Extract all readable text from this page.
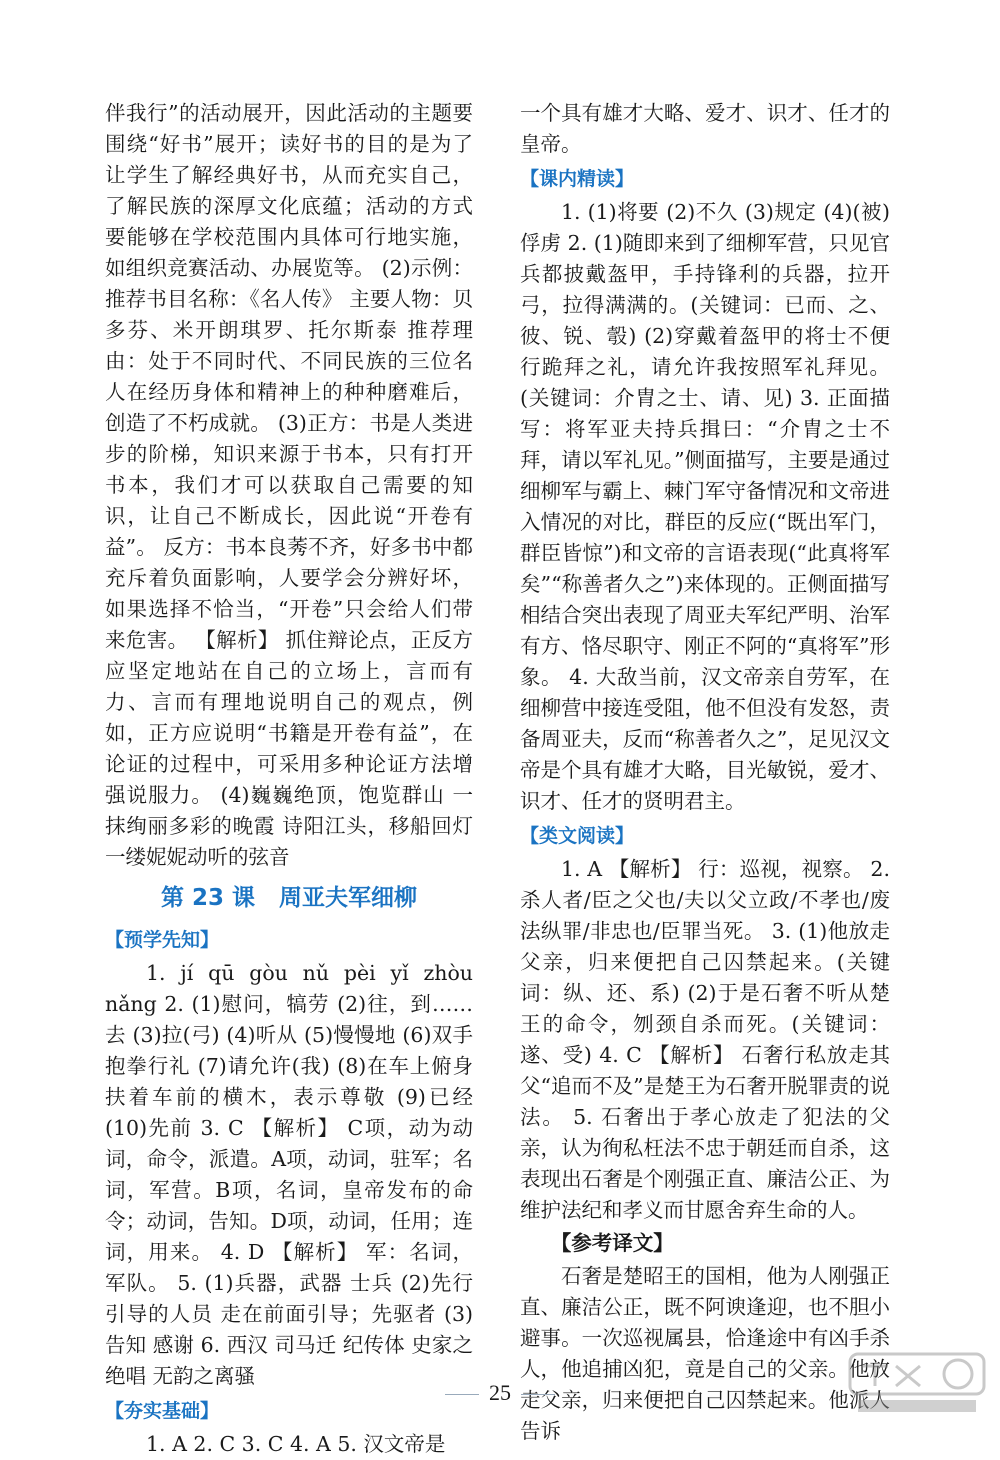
伴我行”的活动展开，因此活动的主题要围绕“好书”展开；读好书的目的是为了让学生了解经典好书，从而充实自己，了解民族的深厚文化底蕴；活动的方式要能够在学校范围内具体可行地实施，如组织竞赛活动、办展览等。 (2)示例：推荐书目名称：《名人传》 主要人物：贝多芬、米开朗琪罗、托尔斯泰 推荐理由：处于不同时代、不同民族的三位名人在经历身体和精神上的种种磨难后，创造了不朽成就。 (3)正方：书是人类进步的阶梯，知识来源于书本，只有打开书本，我们才可以获取自己需要的知识，让自己不断成长，因此说“开卷有益”。 反方：书本良莠不齐，好多书中都充斥着负面影响，人要学会分辨好坏，如果选择不恰当，“开卷”只会给人们带来危害。 【解析】 抓住辩论点，正反方应坚定地站在自己的立场上，言而有力、言而有理地说明自己的观点，例如，正方应说明“书籍是开卷有益”，在论证的过程中，可采用多种论证方法增强说服力。 (4)巍巍绝顶，饱览群山 一抹绚丽多彩的晚霞 诗阳江头，移船回灯 一缕妮妮动听的弦音

第 23 课 周亚夫军细柳
【预学先知】

1. jí qū gòu nǔ pèi yǐ zhòu nǎng 2. (1)慰问，犒劳 (2)往，到……去 (3)拉(弓) (4)听从 (5)慢慢地 (6)双手抱拳行礼 (7)请允许(我) (8)在车上俯身扶着车前的横木，表示尊敬 (9)已经 (10)先前 3. C 【解析】 C项，动为动词，命令，派遣。A项，动词，驻军；名词，军营。B项，名词，皇帝发布的命令；动词，告知。D项，动词，任用；连词，用来。 4. D 【解析】 军：名词，军队。 5. (1)兵器，武器 士兵 (2)先行引导的人员 走在前面引导；先驱者 (3)告知 感谢 6. 西汉 司马迁 纪传体 史家之绝唱 无韵之离骚

【夯实基础】

1. A 2. C 3. C 4. A 5. 汉文帝是

一个具有雄才大略、爱才、识才、任才的皇帝。

【课内精读】

1. (1)将要 (2)不久 (3)规定 (4)(被)俘虏 2. (1)随即来到了细柳军营，只见官兵都披戴盔甲，手持锋利的兵器，拉开弓，拉得满满的。(关键词：已而、之、彼、锐、彀) (2)穿戴着盔甲的将士不便行跪拜之礼，请允许我按照军礼拜见。(关键词：介胄之士、请、见) 3. 正面描写：将军亚夫持兵揖曰：“介胄之士不拜，请以军礼见。”侧面描写，主要是通过细柳军与霸上、棘门军守备情况和文帝进入情况的对比，群臣的反应(“既出军门，群臣皆惊”)和文帝的言语表现(“此真将军矣”“称善者久之”)来体现的。正侧面描写相结合突出表现了周亚夫军纪严明、治军有方、恪尽职守、刚正不阿的“真将军”形象。 4. 大敌当前，汉文帝亲自劳军，在细柳营中接连受阻，他不但没有发怒，责备周亚夫，反而“称善者久之”，足见汉文帝是个具有雄才大略，目光敏锐，爱才、识才、任才的贤明君主。

【类文阅读】

1. A 【解析】 行：巡视，视察。 2. 杀人者/臣之父也/夫以父立政/不孝也/废法纵罪/非忠也/臣罪当死。 3. (1)他放走父亲，归来便把自己囚禁起来。(关键词：纵、还、系) (2)于是石奢不听从楚王的命令，刎颈自杀而死。(关键词：遂、受) 4. C 【解析】 石奢行私放走其父“追而不及”是楚王为石奢开脱罪责的说法。 5. 石奢出于孝心放走了犯法的父亲，认为徇私枉法不忠于朝廷而自杀，这表现出石奢是个刚强正直、廉洁公正、为维护法纪和孝义而甘愿舍弃生命的人。

【参考译文】

石奢是楚昭王的国相，他为人刚强正直、廉洁公正，既不阿谀逢迎，也不胆小避事。一次巡视属县，恰逢途中有凶手杀人，他追捕凶犯，竟是自己的父亲。他放走父亲，归来便把自己囚禁起来。他派人告诉

25
